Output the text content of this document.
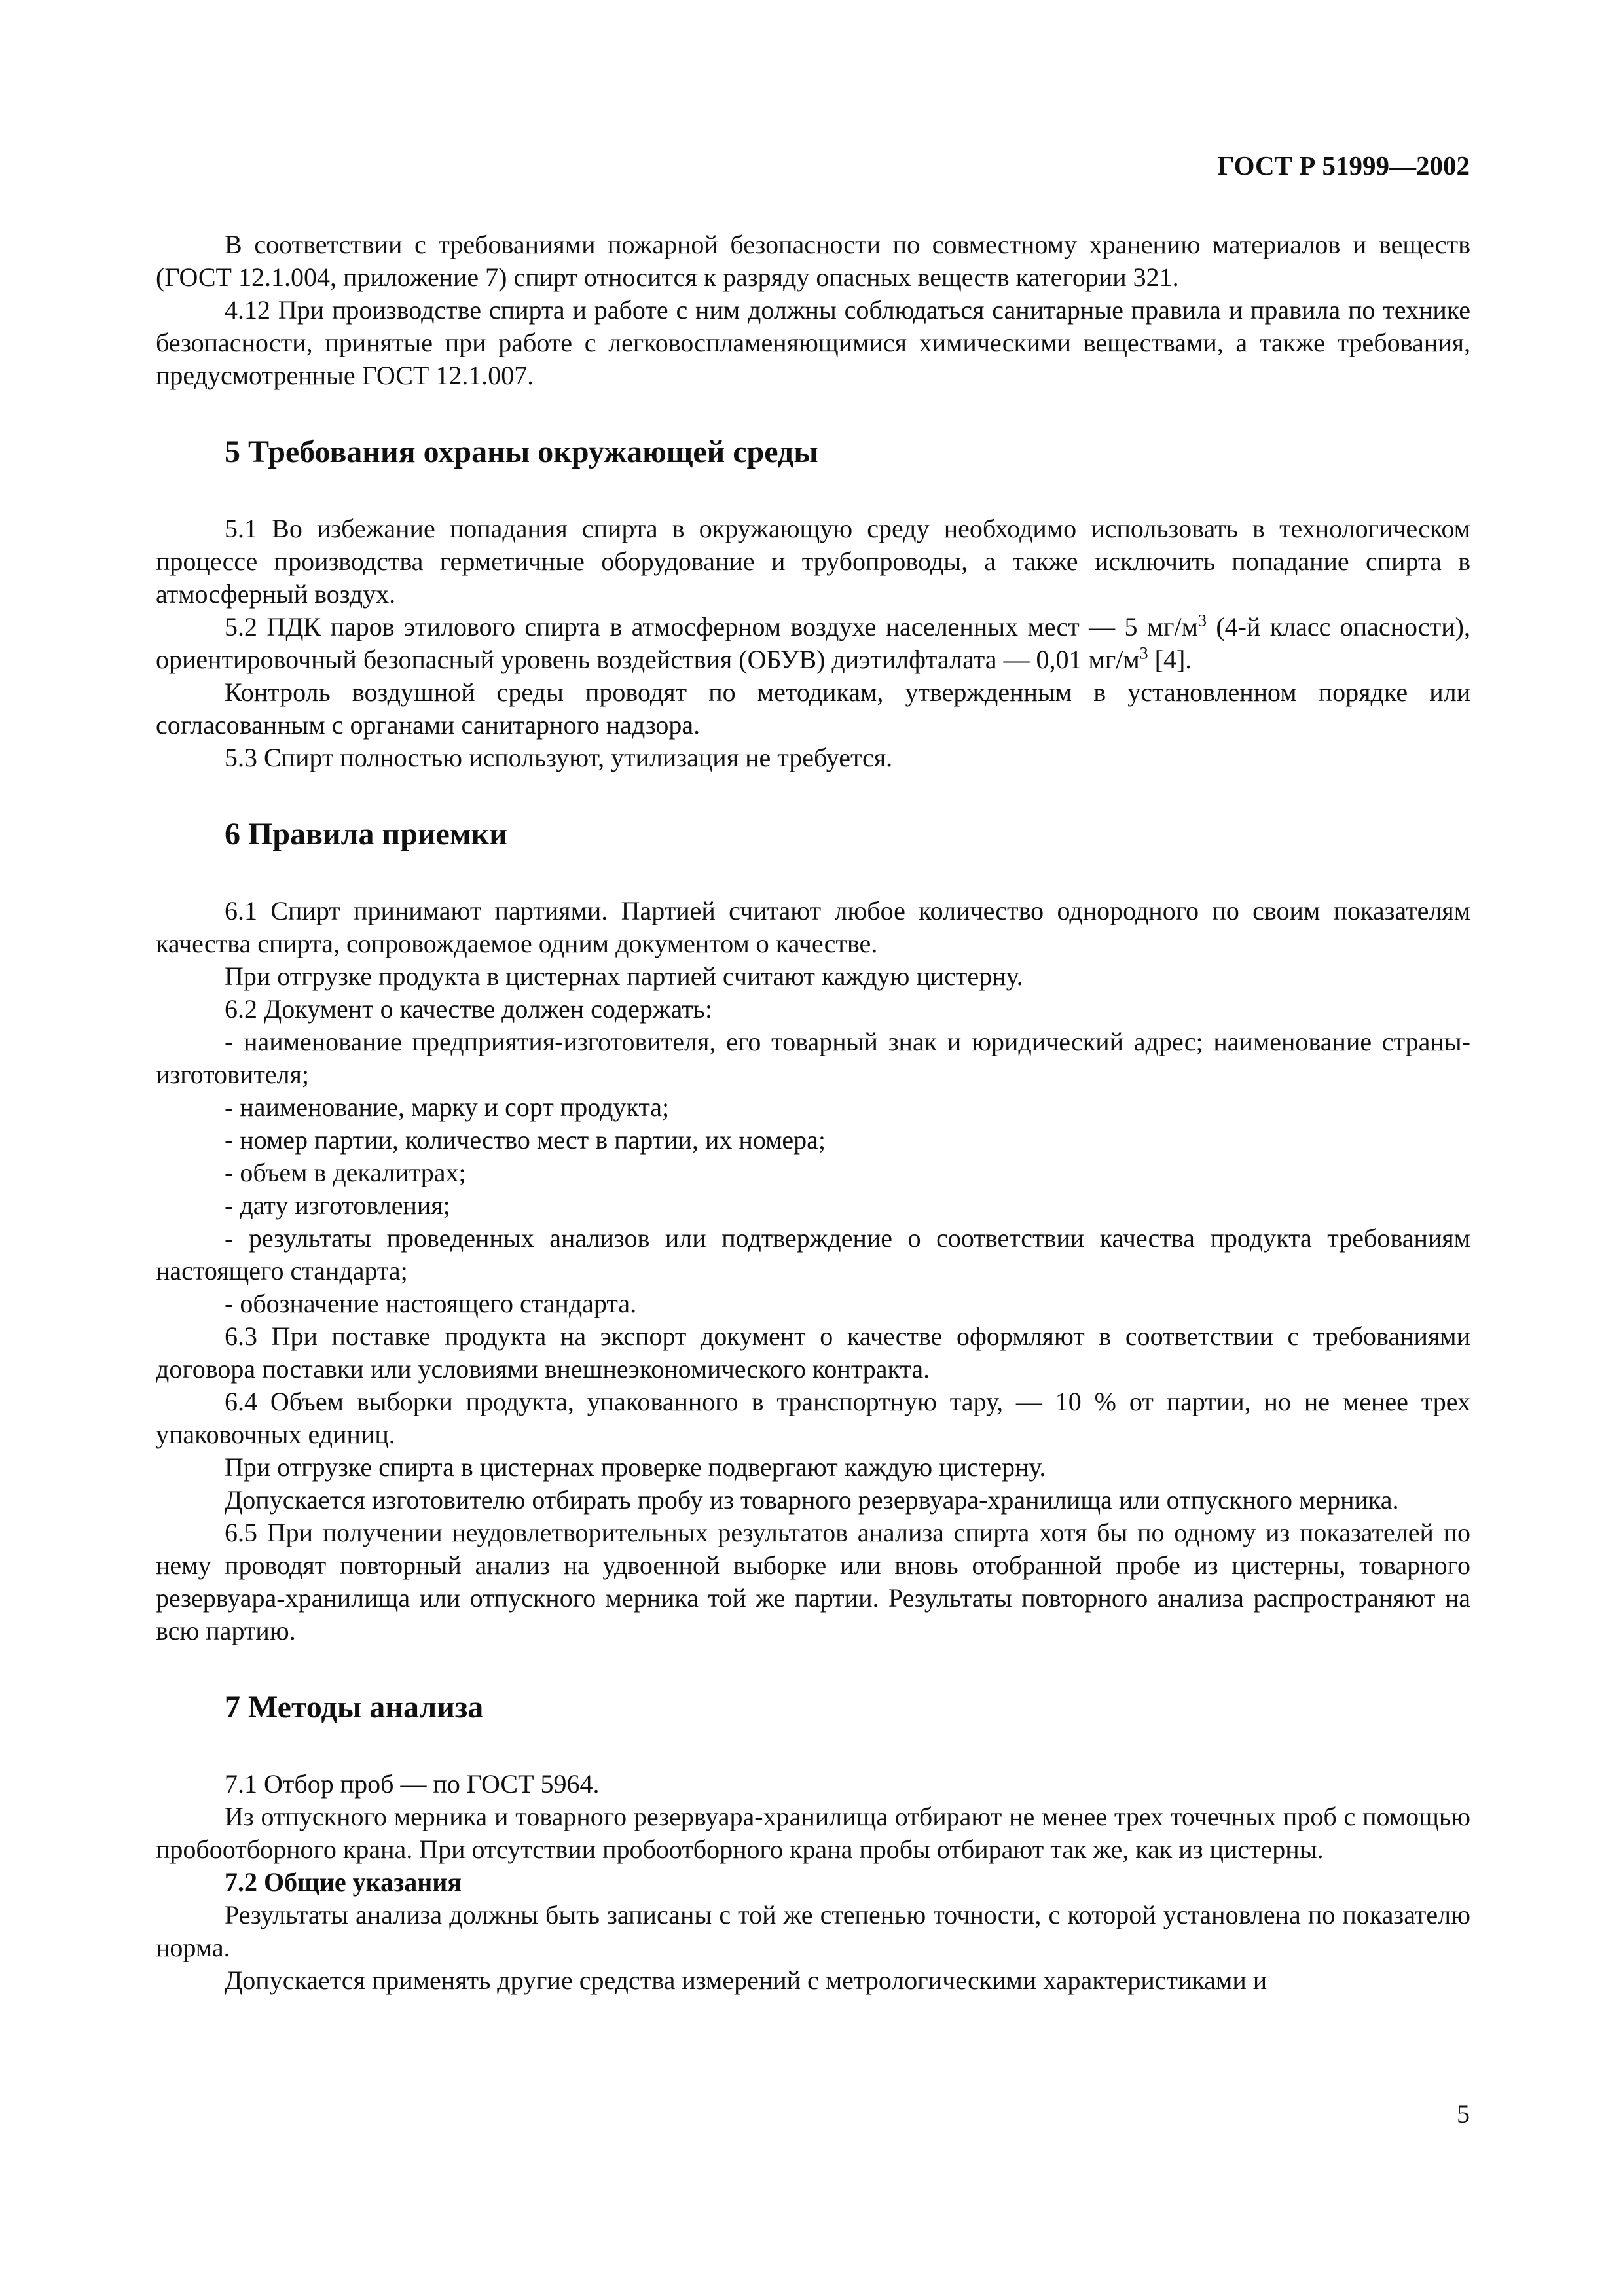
ГОСТ Р 51999—2002

В соответствии с требованиями пожарной безопасности по совместному хранению материалов и веществ (ГОСТ 12.1.004, приложение 7) спирт относится к разряду опасных веществ категории 321.

4.12 При производстве спирта и работе с ним должны соблюдаться санитарные правила и правила по технике безопасности, принятые при работе с легковоспламеняющимися химическими веществами, а также требования, предусмотренные ГОСТ 12.1.007.

5 Требования охраны окружающей среды

5.1 Во избежание попадания спирта в окружающую среду необходимо использовать в технологическом процессе производства герметичные оборудование и трубопроводы, а также исключить попадание спирта в атмосферный воздух.

5.2 ПДК паров этилового спирта в атмосферном воздухе населенных мест — 5 $мг/м^3$ (4-й класс опасности), ориентировочный безопасный уровень воздействия (ОБУВ) диэтилфталата — 0,01 $мг/м^3$ [4].

Контроль воздушной среды проводят по методикам, утвержденным в установленном порядке или согласованным с органами санитарного надзора.

5.3 Спирт полностью используют, утилизация не требуется.

6 Правила приемки

6.1 Спирт принимают партиями. Партией считают любое количество однородного по своим показателям качества спирта, сопровождаемое одним документом о качестве.

При отгрузке продукта в цистернах партией считают каждую цистерну.

6.2 Документ о качестве должен содержать:

- наименование предприятия-изготовителя, его товарный знак и юридический адрес; наименование страны-изготовителя;

- наименование, марку и сорт продукта;

- номер партии, количество мест в партии, их номера;

- объем в декалитрах;

- дату изготовления;

- результаты проведенных анализов или подтверждение о соответствии качества продукта требованиям настоящего стандарта;

- обозначение настоящего стандарта.

6.3 При поставке продукта на экспорт документ о качестве оформляют в соответствии с требованиями договора поставки или условиями внешнеэкономического контракта.

6.4 Объем выборки продукта, упакованного в транспортную тару, — 10 % от партии, но не менее трех упаковочных единиц.

При отгрузке спирта в цистернах проверке подвергают каждую цистерну.

Допускается изготовителю отбирать пробу из товарного резервуара-хранилища или отпускного мерника.

6.5 При получении неудовлетворительных результатов анализа спирта хотя бы по одному из показателей по нему проводят повторный анализ на удвоенной выборке или вновь отобранной пробе из цистерны, товарного резервуара-хранилища или отпускного мерника той же партии. Результаты повторного анализа распространяют на всю партию.

7 Методы анализа

7.1 Отбор проб — по ГОСТ 5964.

Из отпускного мерника и товарного резервуара-хранилища отбирают не менее трех точечных проб с помощью пробоотборного крана. При отсутствии пробоотборного крана пробы отбирают так же, как из цистерны.

7.2 Общие указания

Результаты анализа должны быть записаны с той же степенью точности, с которой установлена по показателю норма.

Допускается применять другие средства измерений с метрологическими характеристиками и

5
